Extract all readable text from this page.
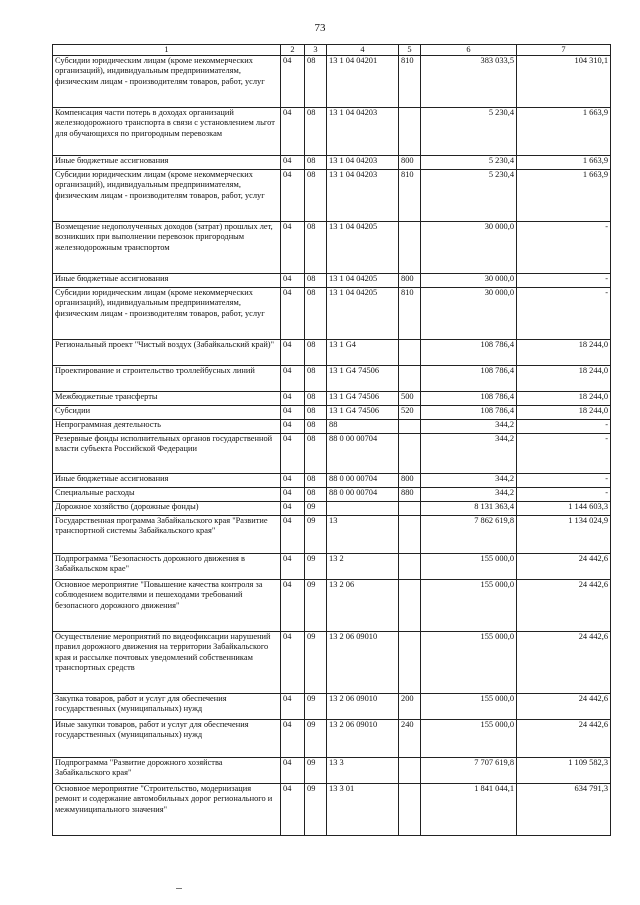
73
1	2	3	4	5	6	7
Субсидии юридическим лицам (кроме некоммерческих организаций), индивидуальным предпринимателям, физическим лицам - производителям товаров, работ, услуг	04	08	13 1 04 04201	810	383 033,5	104 310,1
Компенсация части потерь в доходах организаций железнодорожного транспорта в связи с установлением льгот для обучающихся по пригородным перевозкам	04	08	13 1 04 04203		5 230,4	1 663,9
Иные бюджетные ассигнования	04	08	13 1 04 04203	800	5 230,4	1 663,9
Субсидии юридическим лицам (кроме некоммерческих организаций), индивидуальным предпринимателям, физическим лицам - производителям товаров, работ, услуг	04	08	13 1 04 04203	810	5 230,4	1 663,9
Возмещение недополученных доходов (затрат) прошлых лет, возникших при выполнении перевозок пригородным железнодорожным транспортом	04	08	13 1 04 04205		30 000,0	-
Иные бюджетные ассигнования	04	08	13 1 04 04205	800	30 000,0	-
Субсидии юридическим лицам (кроме некоммерческих организаций), индивидуальным предпринимателям, физическим лицам - производителям товаров, работ, услуг	04	08	13 1 04 04205	810	30 000,0	-
Региональный проект "Чистый воздух (Забайкальский край)"	04	08	13 1 G4		108 786,4	18 244,0
Проектирование и строительство троллейбусных линий	04	08	13 1 G4 74506		108 786,4	18 244,0
Межбюджетные трансферты	04	08	13 1 G4 74506	500	108 786,4	18 244,0
Субсидии	04	08	13 1 G4 74506	520	108 786,4	18 244,0
Непрограммная деятельность	04	08	88		344,2	-
Резервные фонды исполнительных органов государственной власти субъекта Российской Федерации	04	08	88 0 00 00704		344,2	-
Иные бюджетные ассигнования	04	08	88 0 00 00704	800	344,2	-
Специальные расходы	04	08	88 0 00 00704	880	344,2	-
Дорожное хозяйство (дорожные фонды)	04	09			8 131 363,4	1 144 603,3
Государственная программа Забайкальского края "Развитие транспортной системы Забайкальского края"	04	09	13		7 862 619,8	1 134 024,9
Подпрограмма "Безопасность дорожного движения в Забайкальском крае"	04	09	13 2		155 000,0	24 442,6
Основное мероприятие "Повышение качества контроля за соблюдением водителями и пешеходами требований безопасного дорожного движения"	04	09	13 2 06		155 000,0	24 442,6
Осуществление мероприятий по видеофиксации нарушений правил дорожного движения на территории Забайкальского края и рассылке почтовых уведомлений собственникам транспортных средств	04	09	13 2 06 09010		155 000,0	24 442,6
Закупка товаров, работ и услуг для обеспечения государственных (муниципальных) нужд	04	09	13 2 06 09010	200	155 000,0	24 442,6
Иные закупки товаров, работ и услуг для обеспечения государственных (муниципальных) нужд	04	09	13 2 06 09010	240	155 000,0	24 442,6
Подпрограмма "Развитие дорожного хозяйства Забайкальского края"	04	09	13 3		7 707 619,8	1 109 582,3
Основное мероприятие "Строительство, модернизация ремонт и содержание автомобильных дорог регионального и межмуниципального значения"	04	09	13 3 01		1 841 044,1	634 791,3
